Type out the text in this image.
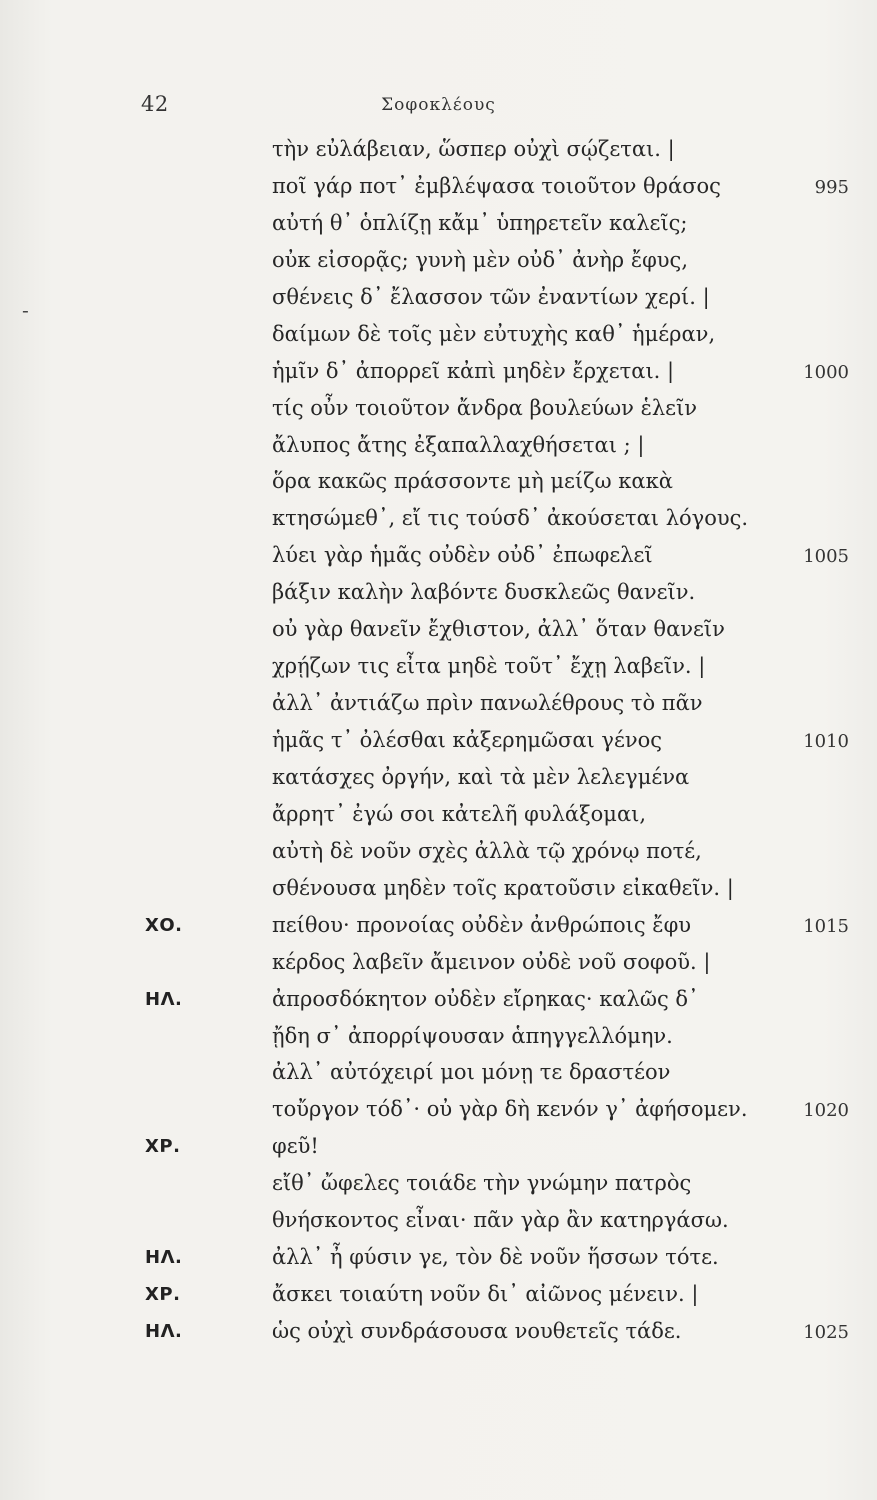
42	Σοφοκλέους
-
τὴν εὐλάβειαν, ὥσπερ οὐχὶ σῴζεται. |
ποῖ γάρ ποτ᾽ ἐμβλέψασα τοιοῦτον θράσος	995
αὐτή θ᾽ ὁπλίζῃ κἄμ᾽ ὑπηρετεῖν καλεῖς;
οὐκ εἰσορᾷς; γυνὴ μὲν οὐδ᾽ ἀνὴρ ἔφυς,
σθένεις δ᾽ ἔλασσον τῶν ἐναντίων χερί. |
δαίμων δὲ τοῖς μὲν εὐτυχὴς καθ᾽ ἡμέραν,
ἡμῖν δ᾽ ἀπορρεῖ κἀπὶ μηδὲν ἔρχεται. |	1000
τίς οὖν τοιοῦτον ἄνδρα βουλεύων ἑλεῖν
ἄλυπος ἄτης ἐξαπαλλαχθήσεται ; |
ὅρα κακῶς πράσσοντε μὴ μείζω κακὰ
κτησώμεθ᾽, εἴ τις τούσδ᾽ ἀκούσεται λόγους.
λύει γὰρ ἡμᾶς οὐδὲν οὐδ᾽ ἐπωφελεῖ	1005
βάξιν καλὴν λαβόντε δυσκλεῶς θανεῖν.
οὐ γὰρ θανεῖν ἔχθιστον, ἀλλ᾽ ὅταν θανεῖν
χρῄζων τις εἶτα μηδὲ τοῦτ᾽ ἔχῃ λαβεῖν. |
ἀλλ᾽ ἀντιάζω πρὶν πανωλέθρους τὸ πᾶν
ἡμᾶς τ᾽ ὀλέσθαι κἀξερημῶσαι γένος	1010
κατάσχες ὀργήν, καὶ τὰ μὲν λελεγμένα
ἄρρητ᾽ ἐγώ σοι κἀτελῆ φυλάξομαι,
αὐτὴ δὲ νοῦν σχὲς ἀλλὰ τῷ χρόνῳ ποτέ,
σθένουσα μηδὲν τοῖς κρατοῦσιν εἰκαθεῖν. |
ΧΟ.	πείθου· προνοίας οὐδὲν ἀνθρώποις ἔφυ	1015
κέρδος λαβεῖν ἄμεινον οὐδὲ νοῦ σοφοῦ. |
ΗΛ.	ἀπροσδόκητον οὐδὲν εἴρηκας· καλῶς δ᾽
ᾔδη σ᾽ ἀπορρίψουσαν ἁπηγγελλόμην.
ἀλλ᾽ αὐτόχειρί μοι μόνῃ τε δραστέον
τοὔργον τόδ᾽· οὐ γὰρ δὴ κενόν γ᾽ ἀφήσομεν.	1020
ΧΡ.	φεῦ!
εἴθ᾽ ὤφελες τοιάδε τὴν γνώμην πατρὸς
θνήσκοντος εἶναι· πᾶν γὰρ ἂν κατηργάσω.
ΗΛ.	ἀλλ᾽ ἦ φύσιν γε, τὸν δὲ νοῦν ἥσσων τότε.
ΧΡ.	ἄσκει τοιαύτη νοῦν δι᾽ αἰῶνος μένειν. |
ΗΛ.	ὡς οὐχὶ συνδράσουσα νουθετεῖς τάδε.	1025
